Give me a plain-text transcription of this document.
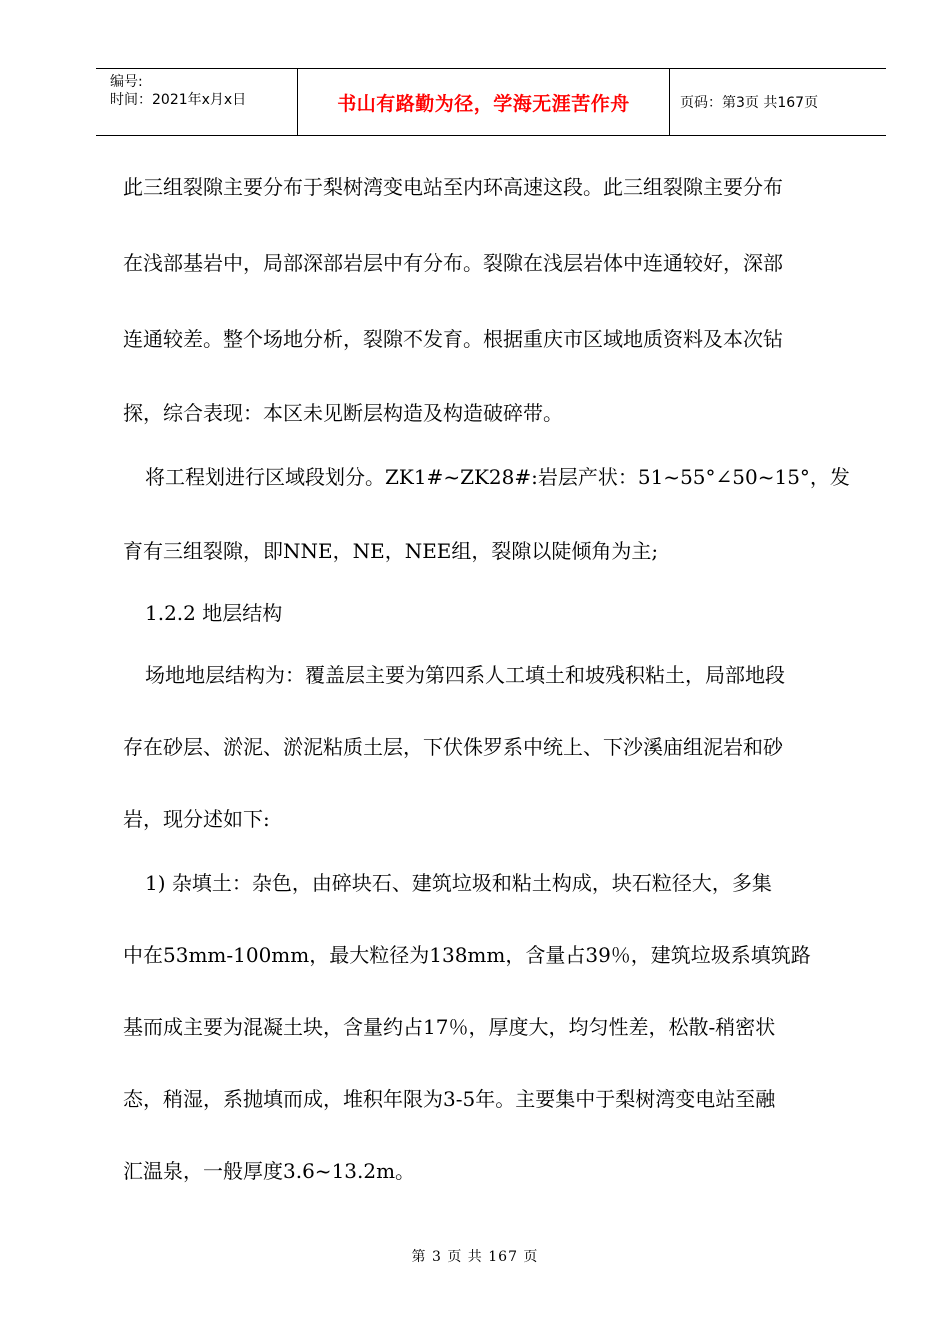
编号:
时间：2021年x月x日	书山有路勤为径，学海无涯苦作舟	页码：第3页 共167页
此三组裂隙主要分布于梨树湾变电站至内环高速这段。此三组裂隙主要分布
在浅部基岩中，局部深部岩层中有分布。裂隙在浅层岩体中连通较好，深部
连通较差。整个场地分析，裂隙不发育。根据重庆市区域地质资料及本次钻
探，综合表现：本区未见断层构造及构造破碎带。
将工程划进行区域段划分。ZK1#~ZK28#:岩层产状：51~55°∠50~15°，发
育有三组裂隙，即NNE，NE，NEE组，裂隙以陡倾角为主;
1.2.2 地层结构
场地地层结构为：覆盖层主要为第四系人工填土和坡残积粘土，局部地段
存在砂层、淤泥、淤泥粘质土层，下伏侏罗系中统上、下沙溪庙组泥岩和砂
岩，现分述如下:
1) 杂填土：杂色，由碎块石、建筑垃圾和粘土构成，块石粒径大，多集
中在53mm-100mm，最大粒径为138mm，含量占39％，建筑垃圾系填筑路
基而成主要为混凝土块，含量约占17％，厚度大，均匀性差，松散-稍密状
态，稍湿，系抛填而成，堆积年限为3-5年。主要集中于梨树湾变电站至融
汇温泉，一般厚度3.6~13.2m。
第 3 页 共 167 页
